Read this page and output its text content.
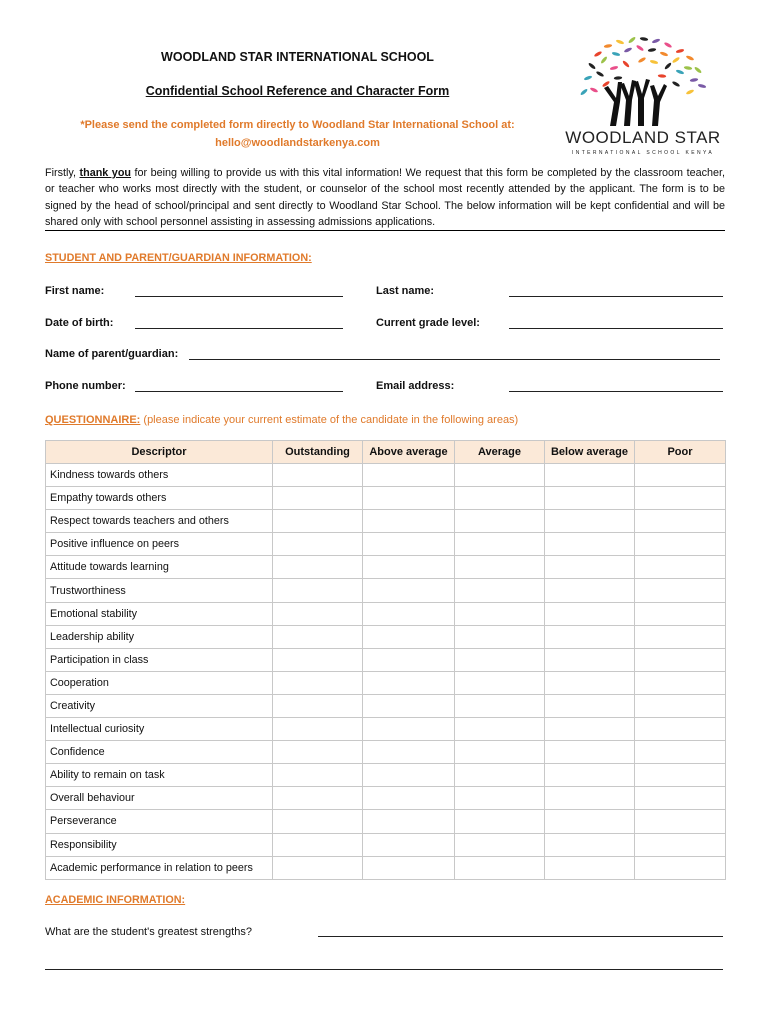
WOODLAND STAR INTERNATIONAL SCHOOL
Confidential School Reference and Character Form
*Please send the completed form directly to Woodland Star International School at:
hello@woodlandstarkenya.com	WOODLAND STAR
INTERNATIONAL SCHOOL KENYA
Firstly, thank you for being willing to provide us with this vital information! We request that this form be completed by the classroom teacher, or teacher who works most directly with the student, or counselor of the school most recently attended by the applicant. The form is to be signed by the head of school/principal and sent directly to Woodland Star School. The below information will be kept confidential and will be shared only with school personnel assisting in assessing admissions applications.
STUDENT AND PARENT/GUARDIAN INFORMATION:
First name:	Last name:
Date of birth:	Current grade level:
Name of parent/guardian:
Phone number:	Email address:
QUESTIONNAIRE: (please indicate your current estimate of the candidate in the following areas)
Descriptor	Outstanding	Above average	Average	Below average	Poor
Kindness towards others					
Empathy towards others					
Respect towards teachers and others					
Positive influence on peers					
Attitude towards learning					
Trustworthiness					
Emotional stability					
Leadership ability					
Participation in class					
Cooperation					
Creativity					
Intellectual curiosity					
Confidence					
Ability to remain on task					
Overall behaviour					
Perseverance					
Responsibility					
Academic performance in relation to peers					
ACADEMIC INFORMATION:
What are the student's greatest strengths?
